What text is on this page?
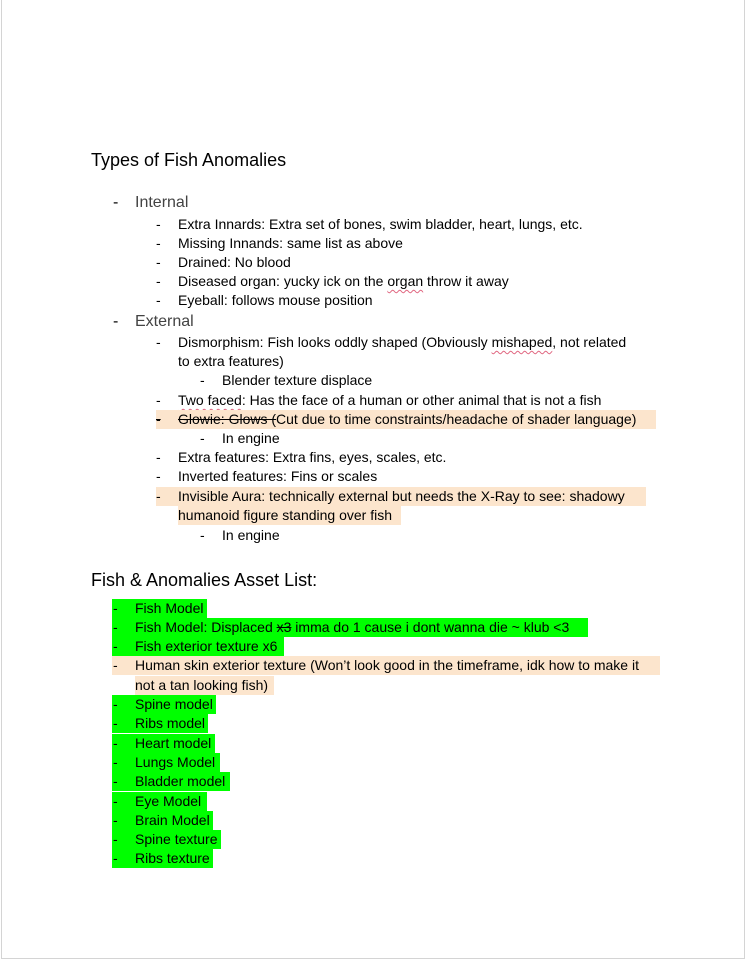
Types of Fish Anomalies
- Internal
- Extra Innards: Extra set of bones, swim bladder, heart, lungs, etc.
- Missing Innands: same list as above
- Drained: No blood
- Diseased organ: yucky ick on the organ throw it away
- Eyeball: follows mouse position
- External
- Dismorphism: Fish looks oddly shaped (Obviously mishaped, not related
to extra features)
- Blender texture displace
- Two faced: Has the face of a human or other animal that is not a fish
- Glowie: Glows (Cut due to time constraints/headache of shader language)
- In engine
- Extra features: Extra fins, eyes, scales, etc.
- Inverted features: Fins or scales
- Invisible Aura: technically external but needs the X-Ray to see: shadowy
humanoid figure standing over fish
- In engine
Fish & Anomalies Asset List:
- Fish Model
- Fish Model: Displaced x3 imma do 1 cause i dont wanna die ~ klub <3
- Fish exterior texture x6
- Human skin exterior texture (Won’t look good in the timeframe, idk how to make it
not a tan looking fish)
- Spine model
- Ribs model
- Heart model
- Lungs Model
- Bladder model
- Eye Model
- Brain Model
- Spine texture
- Ribs texture
